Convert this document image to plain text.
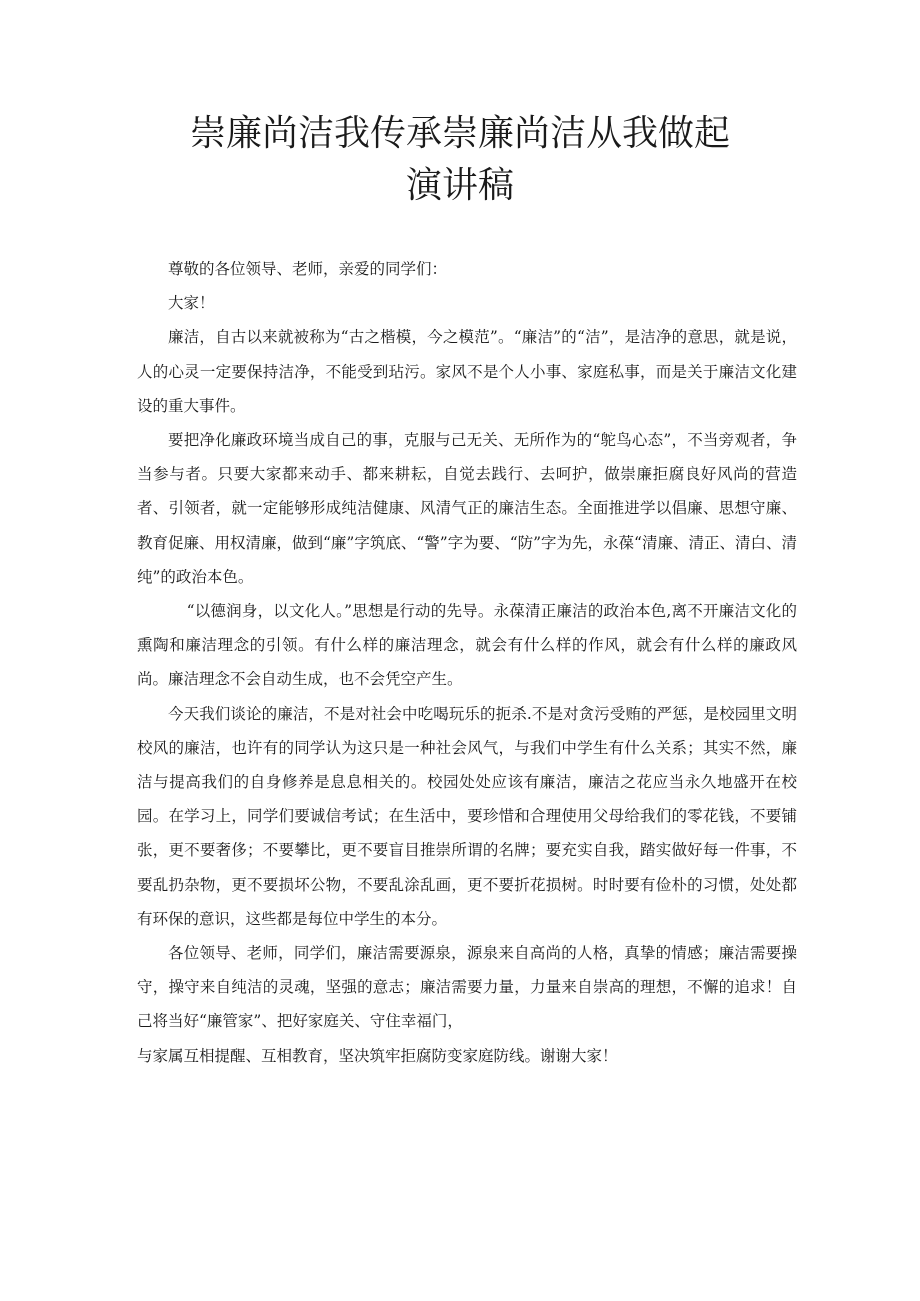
崇廉尚洁我传承崇廉尚洁从我做起
演讲稿

尊敬的各位领导、老师，亲爱的同学们：

大家！

廉洁，自古以来就被称为“古之楷模，今之模范”。“廉洁”的“洁”，是洁净的意思，就是说，人的心灵一定要保持洁净，不能受到玷污。家风不是个人小事、家庭私事，而是关于廉洁文化建设的重大事件。

要把净化廉政环境当成自己的事，克服与己无关、无所作为的“鸵鸟心态”，不当旁观者，争当参与者。只要大家都来动手、都来耕耘，自觉去践行、去呵护，做崇廉拒腐良好风尚的营造者、引领者，就一定能够形成纯洁健康、风清气正的廉洁生态。全面推进学以倡廉、思想守廉、教育促廉、用权清廉，做到“廉”字筑底、“警”字为要、“防”字为先，永葆“清廉、清正、清白、清纯”的政治本色。

“以德润身，以文化人。”思想是行动的先导。永葆清正廉洁的政治本色,离不开廉洁文化的熏陶和廉洁理念的引领。有什么样的廉洁理念，就会有什么样的作风，就会有什么样的廉政风尚。廉洁理念不会自动生成，也不会凭空产生。

今天我们谈论的廉洁，不是对社会中吃喝玩乐的扼杀.不是对贪污受贿的严惩，是校园里文明校风的廉洁，也许有的同学认为这只是一种社会风气，与我们中学生有什么关系；其实不然，廉洁与提高我们的自身修养是息息相关的。校园处处应该有廉洁，廉洁之花应当永久地盛开在校园。在学习上，同学们要诚信考试；在生活中，要珍惜和合理使用父母给我们的零花钱，不要铺张，更不要奢侈；不要攀比，更不要盲目推崇所谓的名牌；要充实自我，踏实做好每一件事，不要乱扔杂物，更不要损坏公物，不要乱涂乱画，更不要折花损树。时时要有俭朴的习惯，处处都有环保的意识，这些都是每位中学生的本分。

各位领导、老师，同学们，廉洁需要源泉，源泉来自高尚的人格，真挚的情感；廉洁需要操守，操守来自纯洁的灵魂，坚强的意志；廉洁需要力量，力量来自崇高的理想，不懈的追求！自己将当好“廉管家”、把好家庭关、守住幸福门，

与家属互相提醒、互相教育，坚决筑牢拒腐防变家庭防线。谢谢大家！
